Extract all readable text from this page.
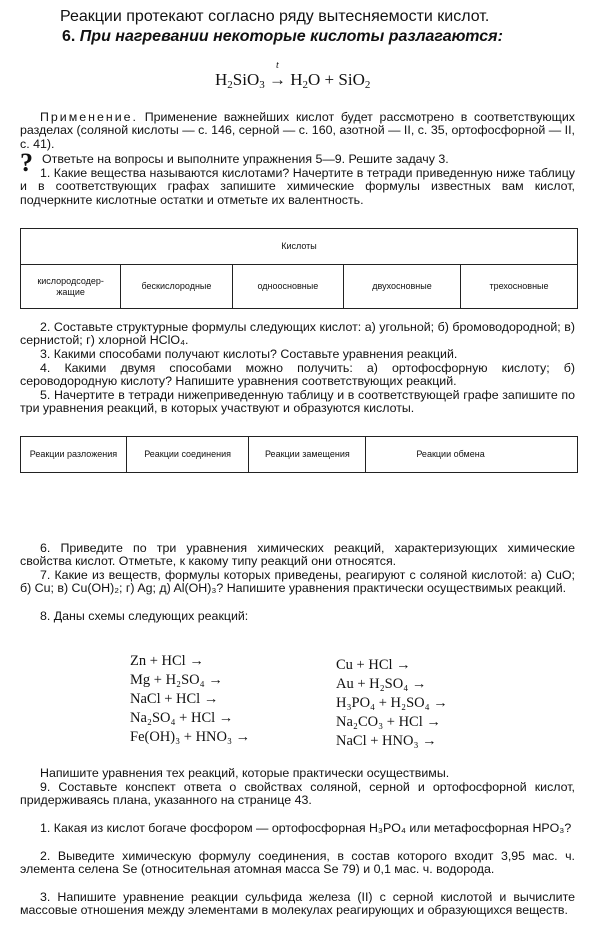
Реакции протекают согласно ряду вытесняемости кислот.
6. При нагревании некоторые кислоты разлагаются:
$H_2SiO_3$
t
→ $H_2O + SiO_2$
Применение. Применение важнейших кислот будет рассмотрено в соответствующих разделах (соляной кислоты — с. 146, серной — с. 160, азотной — II, с. 35, ортофосфорной — II, с. 41).
? Ответьте на вопросы и выполните упражнения 5—9. Решите задачу 3.
1. Какие вещества называются кислотами? Начертите в тетради приведенную ниже таблицу и в соответствующих графах запишите химические формулы известных вам кислот, подчеркните кислотные остатки и отметьте их валентность.
Кислоты
кислородсодер-жащие	бескислородные	одноосновные	двухосновные	трехосновные
2. Составьте структурные формулы следующих кислот: а) угольной; б) бромоводородной; в) сернистой; г) хлорной HClO₄.
3. Какими способами получают кислоты? Составьте уравнения реакций.
4. Какими двумя способами можно получить: а) ортофосфорную кислоту; б) сероводородную кислоту? Напишите уравнения соответствующих реакций.
5. Начертите в тетради нижеприведенную таблицу и в соответствующей графе запишите по три уравнения реакций, в которых участвуют и образуются кислоты.
Реакции разложения	Реакции соединения	Реакции замещения	Реакции обмена
6. Приведите по три уравнения химических реакций, характеризующих химические свойства кислот. Отметьте, к какому типу реакций они относятся.
7. Какие из веществ, формулы которых приведены, реагируют с соляной кислотой: а) CuO; б) Cu; в) Cu(OH)₂; г) Ag; д) Al(OH)₃? Напишите уравнения практически осуществимых реакций.
8. Даны схемы следующих реакций:
Zn + HCl →
Mg + H₂SO₄ →
NaCl + HCl →
Na₂SO₄ + HCl →
Fe(OH)₃ + HNO₃ →
Cu + HCl →
Au + H₂SO₄ →
H₃PO₄ + H₂SO₄ →
Na₂CO₃ + HCl →
NaCl + HNO₃ →
Напишите уравнения тех реакций, которые практически осуществимы.
9. Составьте конспект ответа о свойствах соляной, серной и ортофосфорной кислот, придерживаясь плана, указанного на странице 43.
1. Какая из кислот богаче фосфором — ортофосфорная H₃PO₄ или метафосфорная HPO₃?
2. Выведите химическую формулу соединения, в состав которого входит 3,95 мас. ч. элемента селена Se (относительная атомная масса Se 79) и 0,1 мас. ч. водорода.
3. Напишите уравнение реакции сульфида железа (II) с серной кислотой и вычислите массовые отношения между элементами в молекулах реагирующих и образующихся веществ.
